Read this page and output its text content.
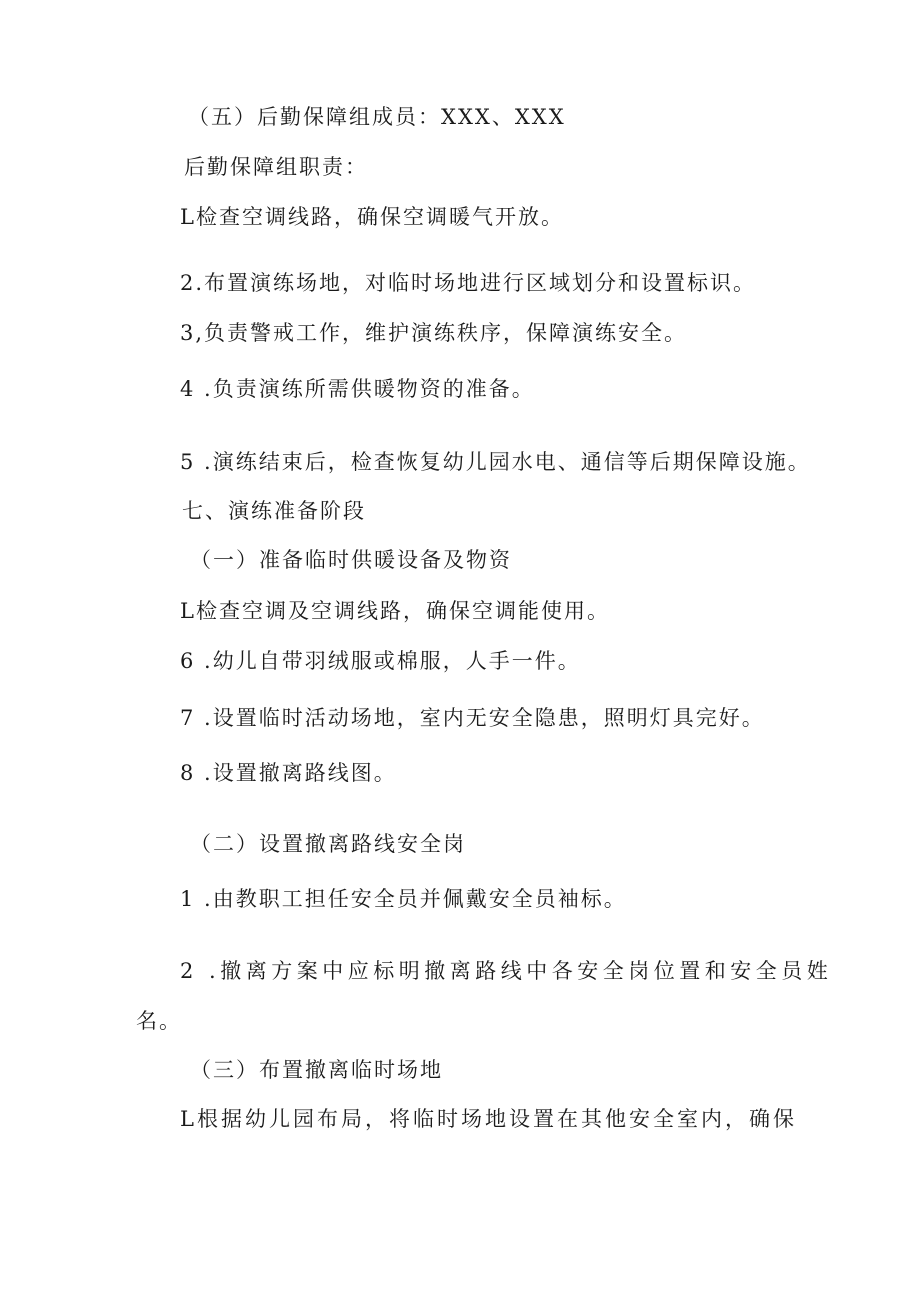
（五）后勤保障组成员：XXX、XXX
后勤保障组职责：
L检查空调线路，确保空调暖气开放。
2.布置演练场地，对临时场地进行区域划分和设置标识。
3,负责警戒工作，维护演练秩序，保障演练安全。
4 .负责演练所需供暖物资的准备。
5 .演练结束后，检查恢复幼儿园水电、通信等后期保障设施。
七、演练准备阶段
（一）准备临时供暖设备及物资
L检查空调及空调线路，确保空调能使用。
6 .幼儿自带羽绒服或棉服，人手一件。
7 .设置临时活动场地，室内无安全隐患，照明灯具完好。
8 .设置撤离路线图。
（二）设置撤离路线安全岗
1 .由教职工担任安全员并佩戴安全员袖标。
2 .撤离方案中应标明撤离路线中各安全岗位置和安全员姓
名。
（三）布置撤离临时场地
L根据幼儿园布局，将临时场地设置在其他安全室内，确保
